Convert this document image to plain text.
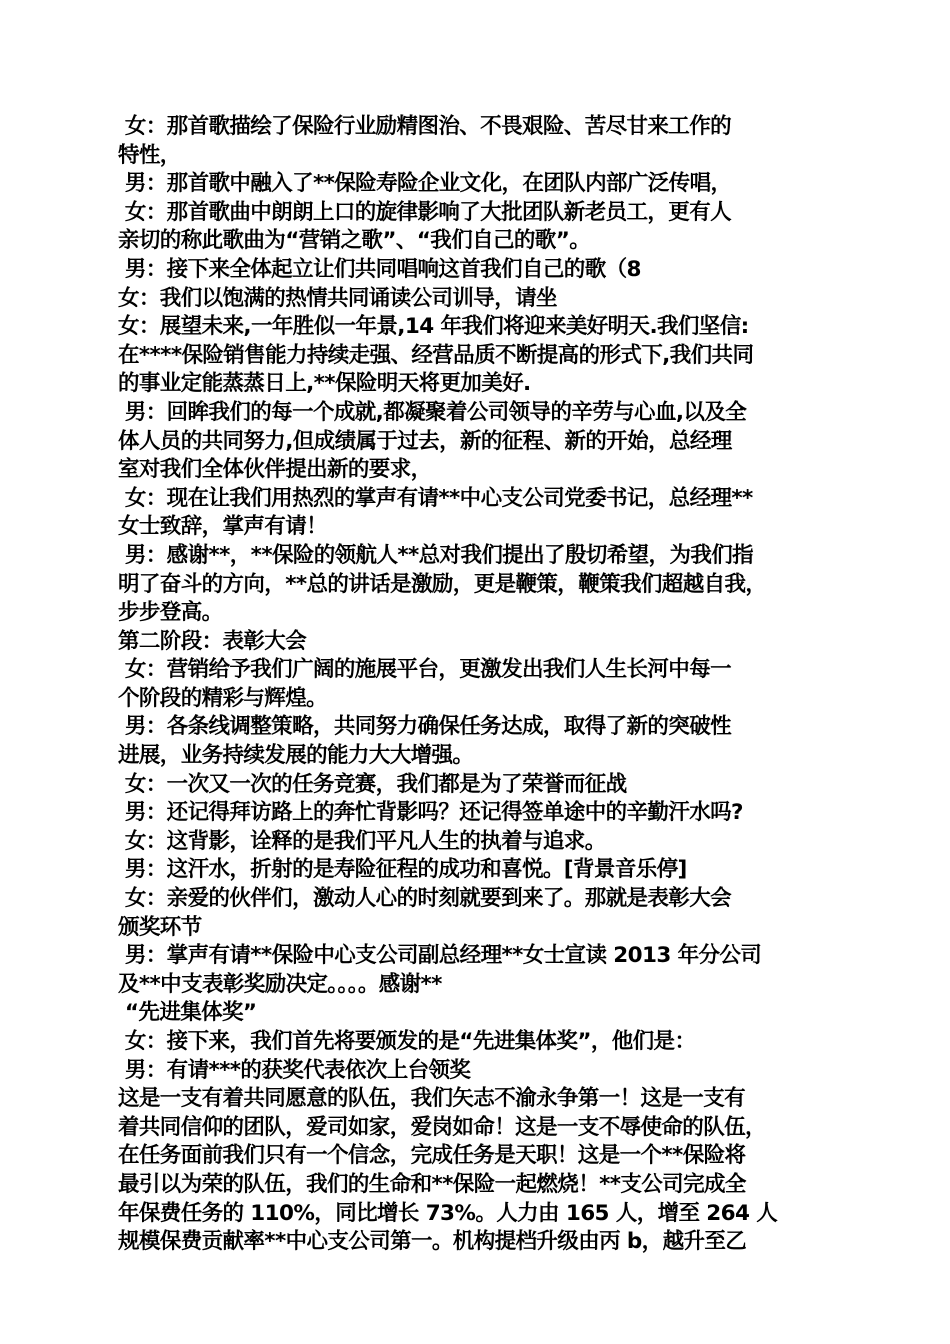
女：那首歌描绘了保险行业励精图治、不畏艰险、苦尽甘来工作的
特性，
男：那首歌中融入了**保险寿险企业文化，在团队内部广泛传唱，
女：那首歌曲中朗朗上口的旋律影响了大批团队新老员工，更有人
亲切的称此歌曲为“营销之歌”、“我们自己的歌”。
男：接下来全体起立让们共同唱响这首我们自己的歌（8
女：我们以饱满的热情共同诵读公司训导，请坐
女：展望未来,一年胜似一年景,14 年我们将迎来美好明天.我们坚信:
在****保险销售能力持续走强、经营品质不断提高的形式下,我们共同
的事业定能蒸蒸日上,**保险明天将更加美好.
男：回眸我们的每一个成就,都凝聚着公司领导的辛劳与心血,以及全
体人员的共同努力,但成绩属于过去，新的征程、新的开始，总经理
室对我们全体伙伴提出新的要求，
女：现在让我们用热烈的掌声有请**中心支公司党委书记，总经理**
女士致辞，掌声有请！
男：感谢**，**保险的领航人**总对我们提出了殷切希望，为我们指
明了奋斗的方向，**总的讲话是激励，更是鞭策，鞭策我们超越自我，
步步登高。
第二阶段：表彰大会
女：营销给予我们广阔的施展平台，更激发出我们人生长河中每一
个阶段的精彩与辉煌。
男：各条线调整策略，共同努力确保任务达成，取得了新的突破性
进展，业务持续发展的能力大大增强。
女：一次又一次的任务竞赛，我们都是为了荣誉而征战
男：还记得拜访路上的奔忙背影吗？还记得签单途中的辛勤汗水吗?
女：这背影，诠释的是我们平凡人生的执着与追求。
男：这汗水，折射的是寿险征程的成功和喜悦。[背景音乐停]
女：亲爱的伙伴们，激动人心的时刻就要到来了。那就是表彰大会
颁奖环节
男：掌声有请**保险中心支公司副总经理**女士宣读 2013 年分公司
及**中支表彰奖励决定。。。。感谢**
“先进集体奖”
女：接下来，我们首先将要颁发的是“先进集体奖”，他们是：
男：有请***的获奖代表依次上台领奖
这是一支有着共同愿意的队伍，我们矢志不渝永争第一！这是一支有
着共同信仰的团队，爱司如家，爱岗如命！这是一支不辱使命的队伍，
在任务面前我们只有一个信念，完成任务是天职！这是一个**保险将
最引以为荣的队伍，我们的生命和**保险一起燃烧！**支公司完成全
年保费任务的 110%，同比增长 73%。人力由 165 人，增至 264 人
规模保费贡献率**中心支公司第一。机构提档升级由丙 b，越升至乙
